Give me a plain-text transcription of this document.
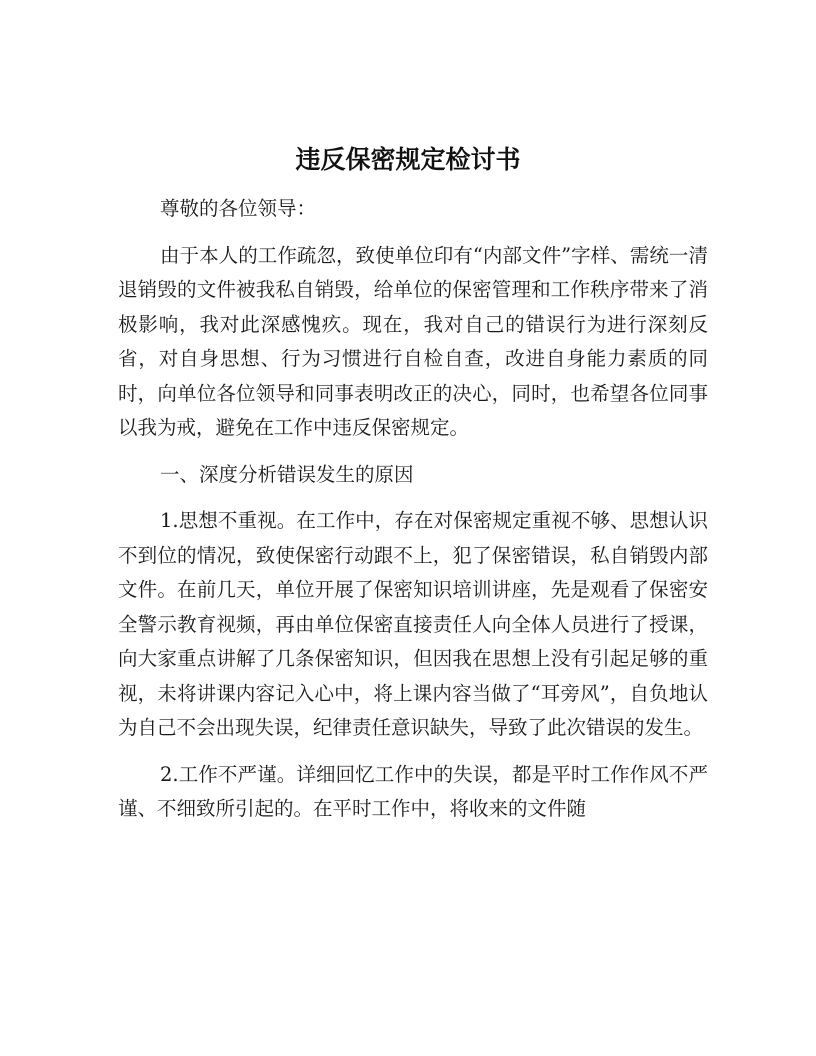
违反保密规定检讨书

尊敬的各位领导：

由于本人的工作疏忽，致使单位印有“内部文件”字样、需统一清退销毁的文件被我私自销毁，给单位的保密管理和工作秩序带来了消极影响，我对此深感愧疚。现在，我对自己的错误行为进行深刻反省，对自身思想、行为习惯进行自检自查，改进自身能力素质的同时，向单位各位领导和同事表明改正的决心，同时，也希望各位同事以我为戒，避免在工作中违反保密规定。

一、深度分析错误发生的原因

1.思想不重视。在工作中，存在对保密规定重视不够、思想认识不到位的情况，致使保密行动跟不上，犯了保密错误，私自销毁内部文件。在前几天，单位开展了保密知识培训讲座，先是观看了保密安全警示教育视频，再由单位保密直接责任人向全体人员进行了授课，向大家重点讲解了几条保密知识，但因我在思想上没有引起足够的重视，未将讲课内容记入心中，将上课内容当做了“耳旁风”，自负地认为自己不会出现失误，纪律责任意识缺失，导致了此次错误的发生。

2.工作不严谨。详细回忆工作中的失误，都是平时工作作风不严谨、不细致所引起的。在平时工作中，将收来的文件随
